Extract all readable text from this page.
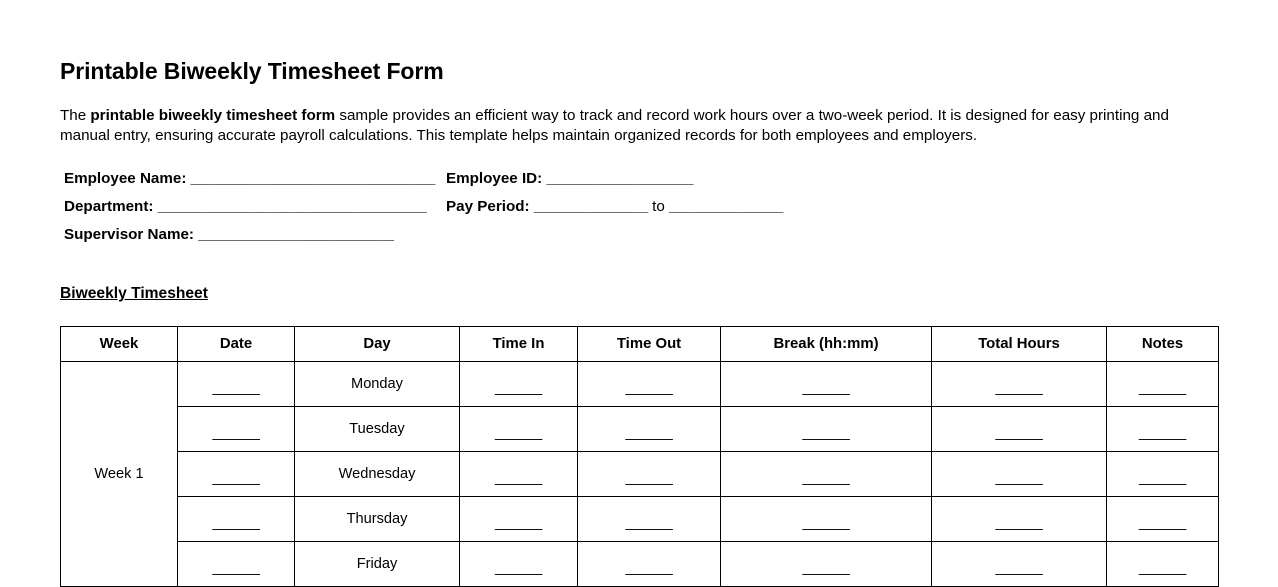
Printable Biweekly Timesheet Form

The printable biweekly timesheet form sample provides an efficient way to track and record work hours over a two-week period. It is designed for easy printing and manual entry, ensuring accurate payroll calculations. This template helps maintain organized records for both employees and employers.

Employee Name: ______________________________ Employee ID: __________________
Department: _________________________________ Pay Period: ______________ to ______________
Supervisor Name: ________________________
Biweekly Timesheet
Week	Date	Day	Time In	Time Out	Break (hh:mm)	Total Hours	Notes
Week 1	______	Monday	______	______	______	______	______
	______	Tuesday	______	______	______	______	______
	______	Wednesday	______	______	______	______	______
	______	Thursday	______	______	______	______	______
	______	Friday	______	______	______	______	______
